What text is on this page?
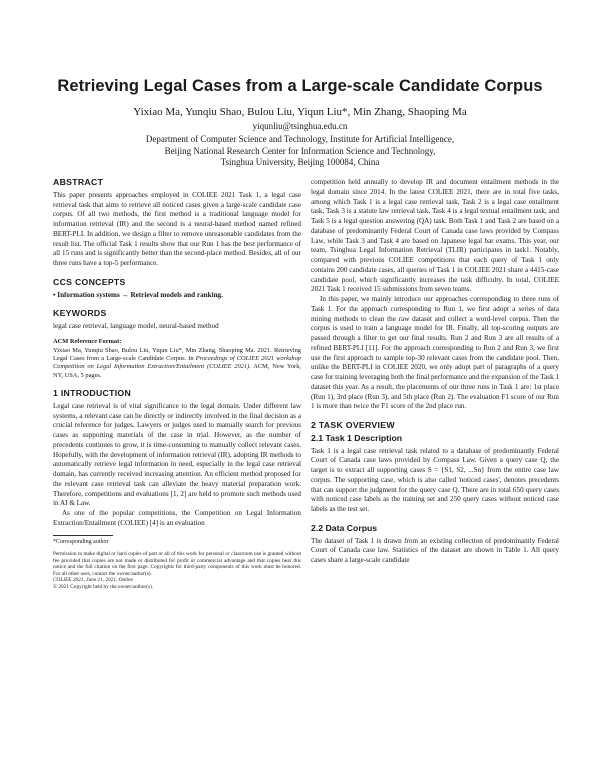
Retrieving Legal Cases from a Large-scale Candidate Corpus
Yixiao Ma, Yunqiu Shao, Bulou Liu, Yiqun Liu*, Min Zhang, Shaoping Ma
yiqunliu@tsinghua.edu.cn
Department of Computer Science and Technology, Institute for Artificial Intelligence,
Beijing National Research Center for Information Science and Technology,
Tsinghua University, Beijing 100084, China
ABSTRACT

This paper presents approaches employed in COLIEE 2021 Task 1, a legal case retrieval task that aims to retrieve all noticed cases given a large-scale candidate case corpus. Of all two methods, the first method is a traditional language model for information retrieval (IR) and the second is a neural-based method named refined BERT-PLI. In addition, we design a filter to remove unreasonable candidates from the result list. The official Task 1 results show that our Run 1 has the best performance of all 15 runs and is significantly better than the second-place method. Besides, all of our three runs have a top-5 performance.

CCS CONCEPTS

• Information systems → Retrieval models and ranking.

KEYWORDS

legal case retrieval, language model, neural-based method

ACM Reference Format:

Yixiao Ma, Yunqiu Shao, Bulou Liu, Yiqun Liu*, Min Zhang, Shaoping Ma. 2021. Retrieving Legal Cases from a Large-scale Candidate Corpus. In Proceedings of COLIEE 2021 workshop Competition on Legal Information Extraction/Entailment (COLIEE 2021). ACM, New York, NY, USA, 5 pages.

1 INTRODUCTION

Legal case retrieval is of vital significance to the legal domain. Under different law systems, a relevant case can be directly or indirectly involved in the final decision as a crucial reference for judges. Lawyers or judges used to manually search for previous cases as supporting materials of the case in trial. However, as the number of precedents continues to grow, it is time-consuming to manually collect relevant cases. Hopefully, with the development of information retrieval (IR), adopting IR methods to automatically retrieve legal information in need, especially in the legal case retrieval domain, has currently received increasing attention. An efficient method proposed for the relevant case retrieval task can alleviate the heavy material preparation work. Therefore, competitions and evaluations [1, 2] are held to promote such methods used in AI & Law.

As one of the popular competitions, the Competition on Legal Information Extraction/Entailment (COLIEE) [4] is an evaluation

*Corresponding author
Permission to make digital or hard copies of part or all of this work for personal or classroom use is granted without fee provided that copies are not made or distributed for profit or commercial advantage and that copies bear this notice and the full citation on the first page. Copyrights for third-party components of this work must be honored. For all other uses, contact the owner/author(s).
COLIEE 2021, June 21, 2021, Online
© 2021 Copyright held by the owner/author(s).

competition held annually to develop IR and document entailment methods in the legal domain since 2014. In the latest COLIEE 2021, there are in total five tasks, among which Task 1 is a legal case retrieval task, Task 2 is a legal case entailment task, Task 3 is a statute law retrieval task, Task 4 is a legal textual entailment task, and Task 5 is a legal question answering (QA) task. Both Task 1 and Task 2 are based on a database of predominantly Federal Court of Canada case laws provided by Compass Law, while Task 3 and Task 4 are based on Japanese legal bar exams. This year, our team, Tsinghua Legal Information Retrieval (TLIR) participates in task1. Notably, compared with previous COLIEE competitions that each query of Task 1 only contains 200 candidate cases, all queries of Task 1 in COLIEE 2021 share a 4415-case candidate pool, which significantly increases the task difficulty. In total, COLIEE 2021 Task 1 received 15 submissions from seven teams.

In this paper, we mainly introduce our approaches corresponding to three runs of Task 1. For the approach corresponding to Run 1, we first adopt a series of data mining methods to clean the raw dataset and collect a word-level corpus. Then the corpus is used to train a language model for IR. Finally, all top-scoring outputs are passed through a filter to get our final results. Run 2 and Run 3 are all results of a refined BERT-PLI [11]. For the approach corresponding to Run 2 and Run 3, we first use the first approach to sample top-30 relevant cases from the candidate pool. Then, unlike the BERT-PLI in COLIEE 2020, we only adopt part of paragraphs of a query case for training leveraging both the final performance and the expansion of the Task 1 dataset this year. As a result, the placements of our three runs in Task 1 are: 1st place (Run 1), 3rd place (Run 3), and 5th place (Run 2). The evaluation F1 score of our Run 1 is more than twice the F1 score of the 2nd place run.

2 TASK OVERVIEW
2.1 Task 1 Description

Task 1 is a legal case retrieval task related to a database of predominantly Federal Court of Canada case laws provided by Compass Law. Given a query case Q, the target is to extract all supporting cases S = {S1, S2, ...Sn} from the entire case law corpus. The supporting case, which is also called 'noticed cases', denotes precedents that can support the judgment for the query case Q. There are in total 650 query cases with noticed case labels as the training set and 250 query cases without noticed case labels as the test set.

2.2 Data Corpus

The dataset of Task 1 is drawn from an existing collection of predominantly Federal Court of Canada case law. Statistics of the dataset are shown in Table 1. All query cases share a large-scale candidate
